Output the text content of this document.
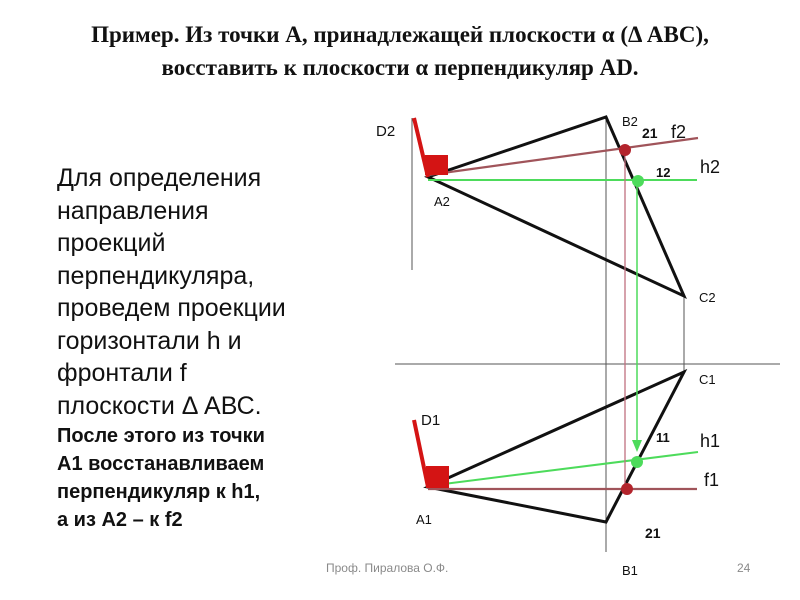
Пример. Из точки А, принадлежащей плоскости α (Δ АВС),
восставить к плоскости α перпендикуляр AD.
Для определения
направления
проекций
перпендикуляра,
проведем проекции
горизонтали h и
фронтали f
плоскости Δ АВС.
После этого из точки
А1 восстанавливаем
перпендикуляр к h1,
а из А2 – к f2
D2
B2
21 f2
12 h2
A2
C2
C1
D1
11 h1
f1
A1
21
B1
Проф. Пиралова О.Ф.	24
